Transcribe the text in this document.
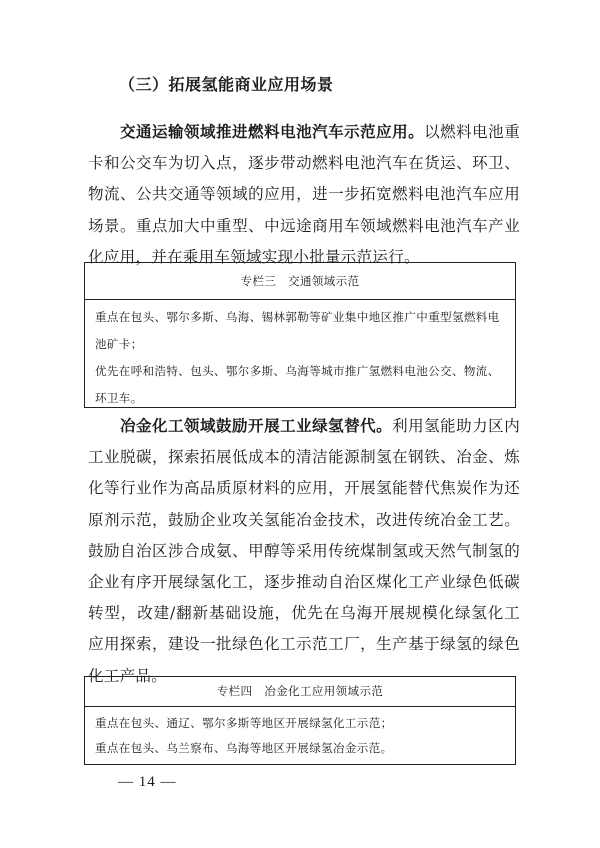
（三）拓展氢能商业应用场景

交通运输领域推进燃料电池汽车示范应用。以燃料电池重卡和公交车为切入点，逐步带动燃料电池汽车在货运、环卫、物流、公共交通等领域的应用，进一步拓宽燃料电池汽车应用场景。重点加大中重型、中远途商用车领域燃料电池汽车产业化应用，并在乘用车领域实现小批量示范运行。

专栏三　交通领域示范

重点在包头、鄂尔多斯、乌海、锡林郭勒等矿业集中地区推广中重型氢燃料电池矿卡；

优先在呼和浩特、包头、鄂尔多斯、乌海等城市推广氢燃料电池公交、物流、环卫车。

冶金化工领域鼓励开展工业绿氢替代。利用氢能助力区内工业脱碳，探索拓展低成本的清洁能源制氢在钢铁、冶金、炼化等行业作为高品质原材料的应用，开展氢能替代焦炭作为还原剂示范，鼓励企业攻关氢能冶金技术，改进传统冶金工艺。鼓励自治区涉合成氨、甲醇等采用传统煤制氢或天然气制氢的企业有序开展绿氢化工，逐步推动自治区煤化工产业绿色低碳转型，改建/翻新基础设施，优先在乌海开展规模化绿氢化工应用探索，建设一批绿色化工示范工厂，生产基于绿氢的绿色化工产品。

专栏四　冶金化工应用领域示范

重点在包头、通辽、鄂尔多斯等地区开展绿氢化工示范；

重点在包头、乌兰察布、乌海等地区开展绿氢冶金示范。

— 14 —
